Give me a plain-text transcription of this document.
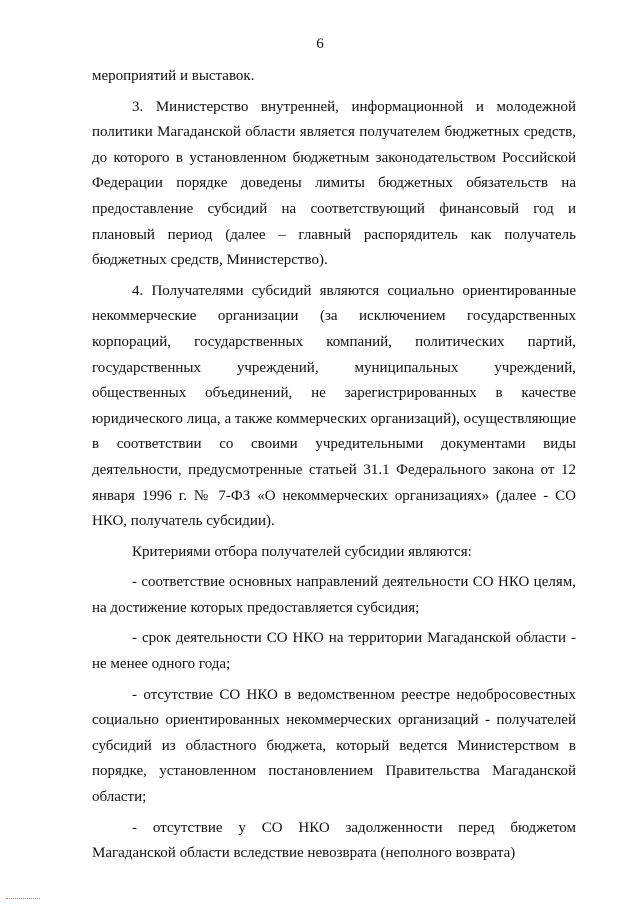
6

мероприятий и выставок.

3. Министерство внутренней, информационной и молодежной политики Магаданской области является получателем бюджетных средств, до которого в установленном бюджетным законодательством Российской Федерации порядке доведены лимиты бюджетных обязательств на предоставление субсидий на соответствующий финансовый год и плановый период (далее – главный распорядитель как получатель бюджетных средств, Министерство).

4. Получателями субсидий являются социально ориентированные некоммерческие организации (за исключением государственных корпораций, государственных компаний, политических партий, государственных учреждений, муниципальных учреждений, общественных объединений, не зарегистрированных в качестве юридического лица, а также коммерческих организаций), осуществляющие в соответствии со своими учредительными документами виды деятельности, предусмотренные статьей 31.1 Федерального закона от 12 января 1996 г. № 7-ФЗ «О некоммерческих организациях» (далее - СО НКО, получатель субсидии).

Критериями отбора получателей субсидии являются:

- соответствие основных направлений деятельности СО НКО целям, на достижение которых предоставляется субсидия;

- срок деятельности СО НКО на территории Магаданской области - не менее одного года;

- отсутствие СО НКО в ведомственном реестре недобросовестных социально ориентированных некоммерческих организаций - получателей субсидий из областного бюджета, который ведется Министерством в порядке, установленном постановлением Правительства Магаданской области;

- отсутствие у СО НКО задолженности перед бюджетом Магаданской области вследствие невозврата (неполного возврата)
